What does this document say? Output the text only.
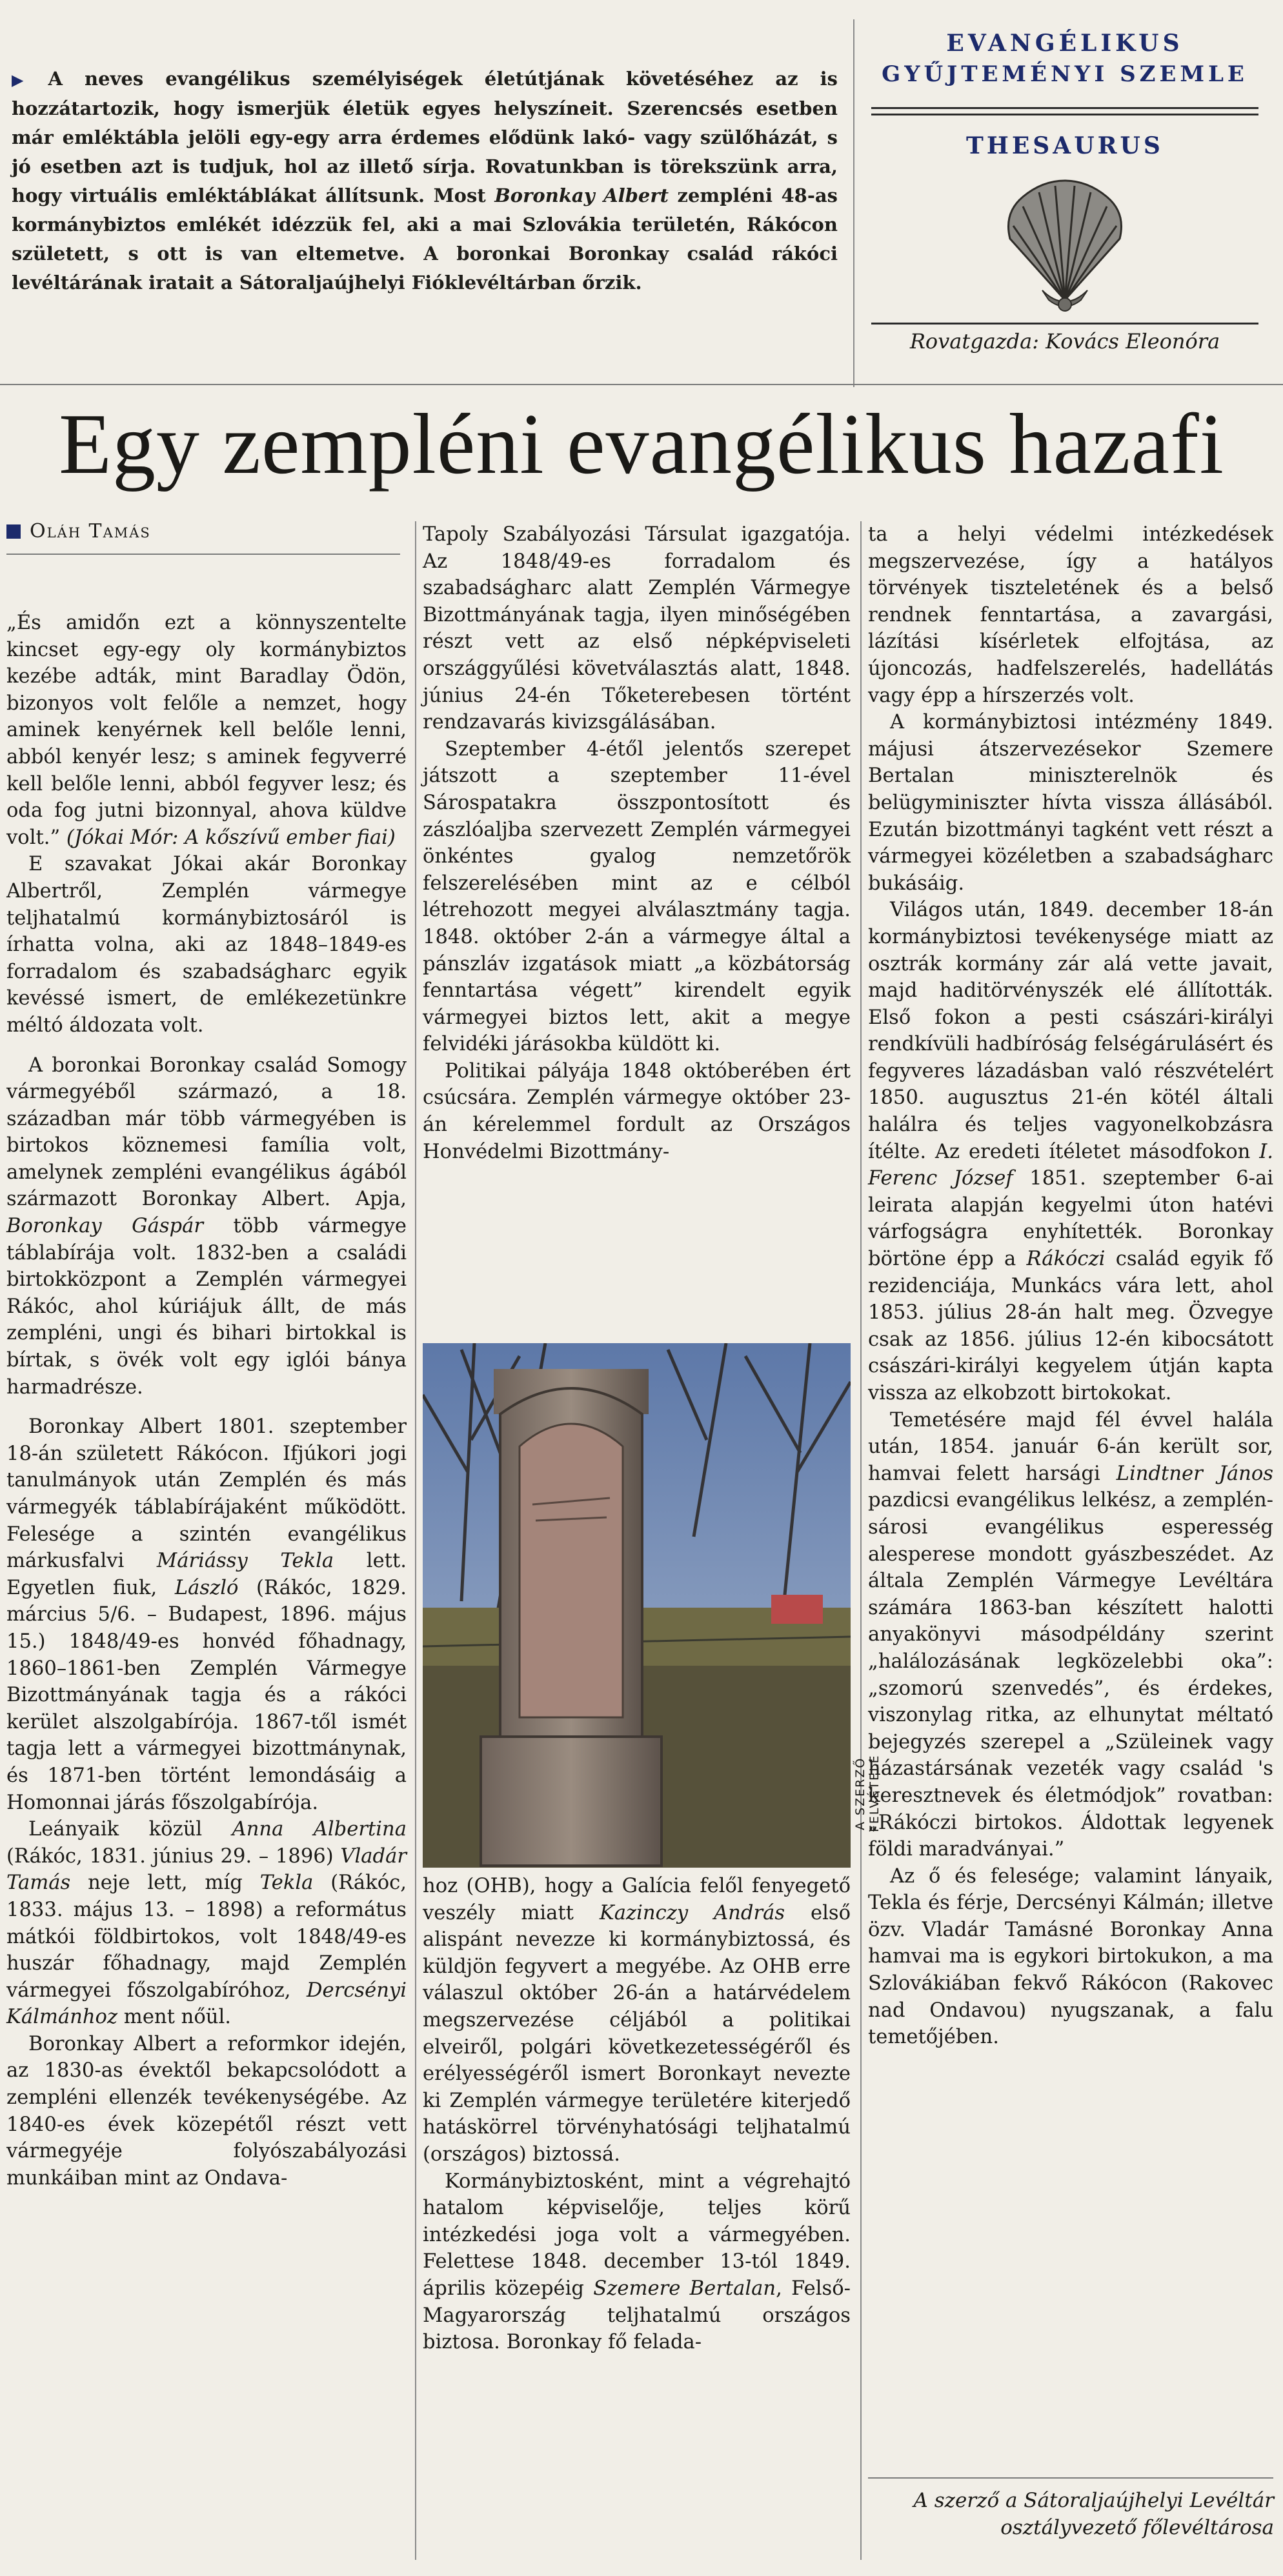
▶ A neves evangélikus személyiségek életútjának követéséhez az is hozzátartozik, hogy ismerjük életük egyes helyszíneit. Szerencsés esetben már emléktábla jelöli egy-egy arra érdemes elődünk lakó- vagy szülőházát, s jó esetben azt is tudjuk, hol az illető sírja. Rovatunkban is törekszünk arra, hogy virtuális emléktáblákat állítsunk. Most Boronkay Albert zempléni 48-as kormánybiztos emlékét idézzük fel, aki a mai Szlovákia területén, Rákócon született, s ott is van eltemetve. A boronkai Boronkay család rákóci levéltárának iratait a Sátoraljaújhelyi Fióklevéltárban őrzik.
EVANGÉLIKUS
GYŰJTEMÉNYI SZEMLE
THESAURUS
Rovatgazda: Kovács Eleonóra
Egy zempléni evangélikus hazafi
Oláh Tamás

„És amidőn ezt a könnyszentelte kincset egy-egy oly kormánybiztos kezébe adták, mint Baradlay Ödön, bizonyos volt felőle a nemzet, hogy aminek kenyérnek kell belőle lenni, abból kenyér lesz; s aminek fegyverré kell belőle lenni, abból fegyver lesz; és oda fog jutni bizonnyal, ahova küldve volt.” (Jókai Mór: A kőszívű ember fiai)

E szavakat Jókai akár Boronkay Albertről, Zemplén vármegye teljhatalmú kormánybiztosáról is írhatta volna, aki az 1848–1849-es forradalom és szabadságharc egyik kevéssé ismert, de emlékezetünkre méltó áldozata volt.

A boronkai Boronkay család Somogy vármegyéből származó, a 18. században már több vármegyében is birtokos köznemesi família volt, amelynek zempléni evangélikus ágából származott Boronkay Albert. Apja, Boronkay Gáspár több vármegye táblabírája volt. 1832-ben a családi birtokközpont a Zemplén vármegyei Rákóc, ahol kúriájuk állt, de más zempléni, ungi és bihari birtokkal is bírtak, s övék volt egy iglói bánya harmadrésze.

Boronkay Albert 1801. szeptember 18-án született Rákócon. Ifjúkori jogi tanulmányok után Zemplén és más vármegyék táblabírájaként működött. Felesége a szintén evangélikus márkusfalvi Máriássy Tekla lett. Egyetlen fiuk, László (Rákóc, 1829. március 5/6. – Budapest, 1896. május 15.) 1848/49-es honvéd főhadnagy, 1860–1861-ben Zemplén Vármegye Bizottmányának tagja és a rákóci kerület alszolgabírója. 1867-től ismét tagja lett a vármegyei bizottmánynak, és 1871-ben történt lemondásáig a Homonnai járás főszolgabírója.

Leányaik közül Anna Albertina (Rákóc, 1831. június 29. – 1896) Vladár Tamás neje lett, míg Tekla (Rákóc, 1833. május 13. – 1898) a református mátkói földbirtokos, volt 1848/49-es huszár főhadnagy, majd Zemplén vármegyei főszolgabíróhoz, Dercsényi Kálmánhoz ment nőül.

Boronkay Albert a reformkor idején, az 1830-as évektől bekapcsolódott a zempléni ellenzék tevékenységébe. Az 1840-es évek közepétől részt vett vármegyéje folyószabályozási munkáiban mint az Ondava-

Tapoly Szabályozási Társulat igazgatója. Az 1848/49-es forradalom és szabadságharc alatt Zemplén Vármegye Bizottmányának tagja, ilyen minőségében részt vett az első népképviseleti országgyűlési követválasztás alatt, 1848. június 24-én Tőketerebesen történt rendzavarás kivizsgálásában.

Szeptember 4-étől jelentős szerepet játszott a szeptember 11-ével Sárospatakra összpontosított és zászlóaljba szervezett Zemplén vármegyei önkéntes gyalog nemzetőrök felszerelésében mint az e célból létrehozott megyei alválasztmány tagja. 1848. október 2-án a vármegye által a pánszláv izgatások miatt „a közbátorság fenntartása végett” kirendelt egyik vármegyei biztos lett, akit a megye felvidéki járásokba küldött ki.

Politikai pályája 1848 októberében ért csúcsára. Zemplén vármegye október 23-án kérelemmel fordult az Országos Honvédelmi Bizottmány-

A SZERZŐ FELVÉTELE

hoz (OHB), hogy a Galícia felől fenyegető veszély miatt Kazinczy András első alispánt nevezze ki kormánybiztossá, és küldjön fegyvert a megyébe. Az OHB erre válaszul október 26-án a határvédelem megszervezése céljából a politikai elveiről, polgári következetességéről és erélyességéről ismert Boronkayt nevezte ki Zemplén vármegye területére kiterjedő hatáskörrel törvényhatósági teljhatalmú (országos) biztossá.

Kormánybiztosként, mint a végrehajtó hatalom képviselője, teljes körű intézkedési joga volt a vármegyében. Felettese 1848. december 13-tól 1849. április közepéig Szemere Bertalan, Felső-Magyarország teljhatalmú országos biztosa. Boronkay fő felada-

ta a helyi védelmi intézkedések megszervezése, így a hatályos törvények tiszteletének és a belső rendnek fenntartása, a zavargási, lázítási kísérletek elfojtása, az újoncozás, hadfelszerelés, hadellátás vagy épp a hírszerzés volt.

A kormánybiztosi intézmény 1849. májusi átszervezésekor Szemere Bertalan miniszterelnök és belügyminiszter hívta vissza állásából. Ezután bizottmányi tagként vett részt a vármegyei közéletben a szabadságharc bukásáig.

Világos után, 1849. december 18-án kormánybiztosi tevékenysége miatt az osztrák kormány zár alá vette javait, majd haditörvényszék elé állították. Első fokon a pesti császári-királyi rendkívüli hadbíróság felségárulásért és fegyveres lázadásban való részvételért 1850. augusztus 21-én kötél általi halálra és teljes vagyonelkobzásra ítélte. Az eredeti ítéletet másodfokon I. Ferenc József 1851. szeptember 6-ai leirata alapján kegyelmi úton hatévi várfogságra enyhítették. Boronkay börtöne épp a Rákóczi család egyik fő rezidenciája, Munkács vára lett, ahol 1853. július 28-án halt meg. Özvegye csak az 1856. július 12-én kibocsátott császári-királyi kegyelem útján kapta vissza az elkobzott birtokokat.

Temetésére majd fél évvel halála után, 1854. január 6-án került sor, hamvai felett harsági Lindtner János pazdicsi evangélikus lelkész, a zemplén-sárosi evangélikus esperesség alesperese mondott gyászbeszédet. Az általa Zemplén Vármegye Levéltára számára 1863-ban készített halotti anyakönyvi másodpéldány szerint „halálozásának legközelebbi oka”: „szomorú szenvedés”, és érdekes, viszonylag ritka, az elhunytat méltató bejegyzés szerepel a „Szüleinek vagy házastársának vezeték vagy család 's keresztnevek és életmódjok” rovatban: „Rákóczi birtokos. Áldottak legyenek földi maradványai.”

Az ő és felesége; valamint lányaik, Tekla és férje, Dercsényi Kálmán; illetve özv. Vladár Tamásné Boronkay Anna hamvai ma is egykori birtokukon, a ma Szlovákiában fekvő Rákócon (Rakovec nad Ondavou) nyugszanak, a falu temetőjében.

A szerző a Sátoraljaújhelyi Levéltár osztályvezető főlevéltárosa
